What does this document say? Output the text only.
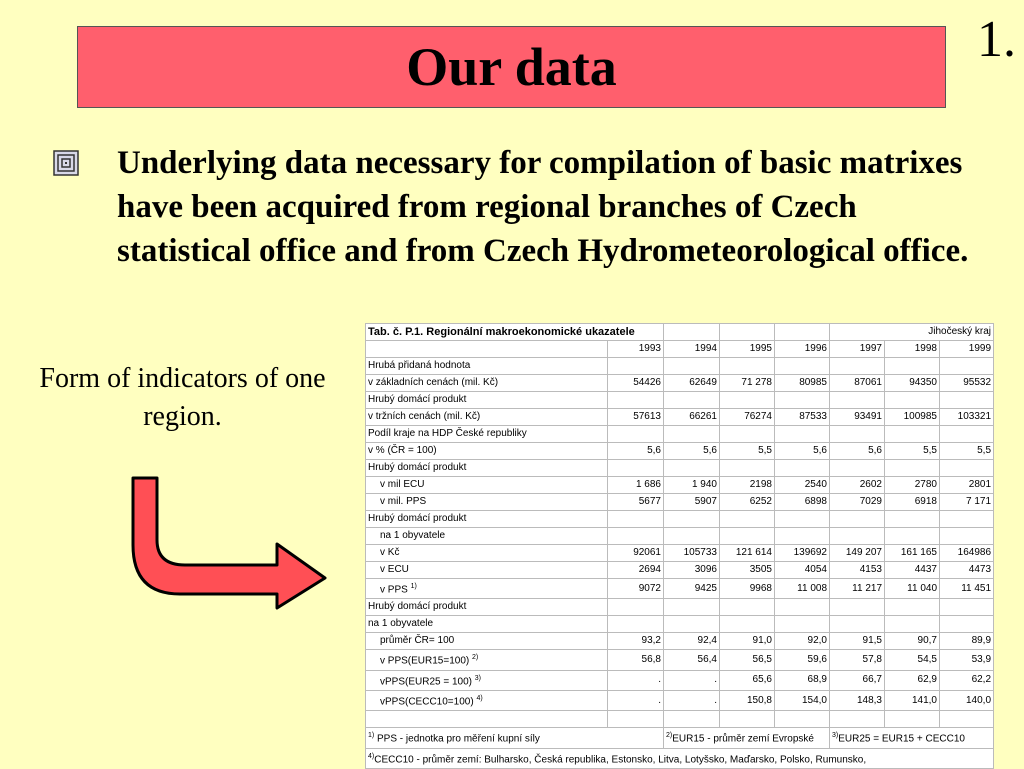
1.
Our data
Underlying data necessary for compilation of basic matrixes have been acquired from regional branches of Czech statistical office and from Czech Hydrometeorological office.
Form of indicators of one region.
Tab. č. P.1. Regionální makroekonomické ukazatele					Jihočeský kraj		
	1993	1994	1995	1996	1997	1998	1999
Hrubá přidaná hodnota							
v základních cenách (mil. Kč)	54426	62649	71 278	80985	87061	94350	95532
Hrubý domácí produkt							
v tržních cenách (mil. Kč)	57613	66261	76274	87533	93491	100985	103321
Podíl kraje na HDP České republiky							
v % (ČR = 100)	5,6	5,6	5,5	5,6	5,6	5,5	5,5
Hrubý domácí produkt							
v mil ECU	1 686	1 940	2198	2540	2602	2780	2801
v mil. PPS	5677	5907	6252	6898	7029	6918	7 171
Hrubý domácí produkt							
na 1 obyvatele							
v Kč	92061	105733	121 614	139692	149 207	161 165	164986
v ECU	2694	3096	3505	4054	4153	4437	4473
v PPS $^{1)}$	9072	9425	9968	11 008	11 217	11 040	11 451
Hrubý domácí produkt							
na 1 obyvatele							
průměr ČR= 100	93,2	92,4	91,0	92,0	91,5	90,7	89,9
v PPS(EUR15=100) $^{2)}$	56,8	56,4	56,5	59,6	57,8	54,5	53,9
vPPS(EUR25 = 100) $^{3)}$	.	.	65,6	68,9	66,7	62,9	62,2
vPPS(CECC10=100) $^{4)}$	.	.	150,8	154,0	148,3	141,0	140,0

$^{1)}$ PPS - jednotka pro měření kupní síly		$^{2)}$EUR15 - průměr zemí Evropské			$^{3)}$EUR25 = EUR15 + CECC10		
$^{4)}$CECC10 - průměr zemí: Bulharsko, Česká republika, Estonsko, Litva, Lotyšsko, Maďarsko, Polsko, Rumunsko,							
